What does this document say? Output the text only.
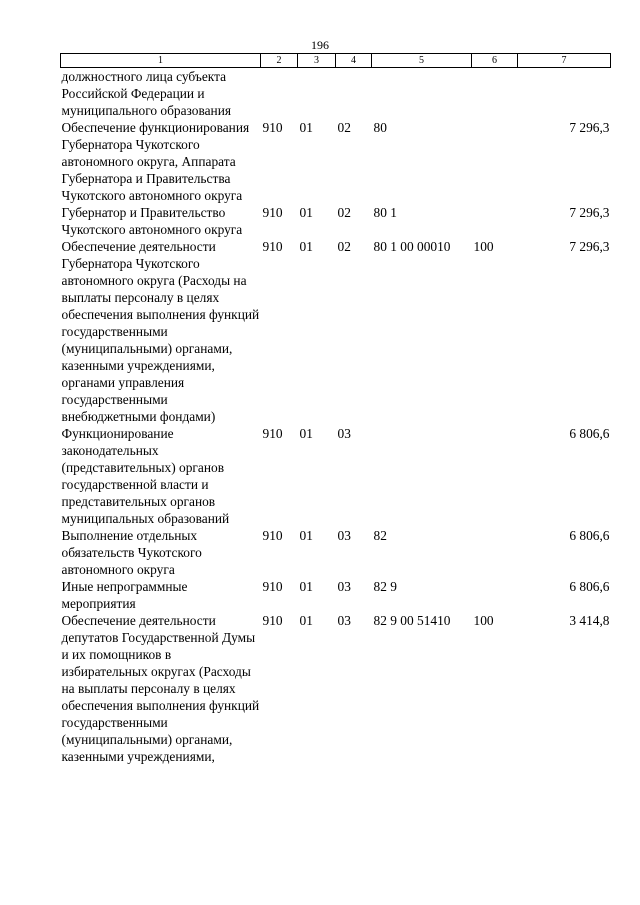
196
1	2	3	4	5	6	7
должностного лица субъекта Российской Федерации и муниципального образования						
Обеспечение функционирования Губернатора Чукотского автономного округа, Аппарата Губернатора и Правительства Чукотского автономного округа	910	01	02	80		7 296,3
Губернатор и Правительство Чукотского автономного округа	910	01	02	80 1		7 296,3
Обеспечение деятельности Губернатора Чукотского автономного округа (Расходы на выплаты персоналу в целях обеспечения выполнения функций государственными (муниципальными) органами, казенными учреждениями, органами управления государственными внебюджетными фондами)	910	01	02	80 1 00 00010	100	7 296,3
Функционирование законодательных (представительных) органов государственной власти и представительных органов муниципальных образований	910	01	03			6 806,6
Выполнение отдельных обязательств Чукотского автономного округа	910	01	03	82		6 806,6
Иные непрограммные мероприятия	910	01	03	82 9		6 806,6
Обеспечение деятельности депутатов Государственной Думы и их помощников в избирательных округах (Расходы на выплаты персоналу в целях обеспечения выполнения функций государственными (муниципальными) органами, казенными учреждениями,	910	01	03	82 9 00 51410	100	3 414,8
